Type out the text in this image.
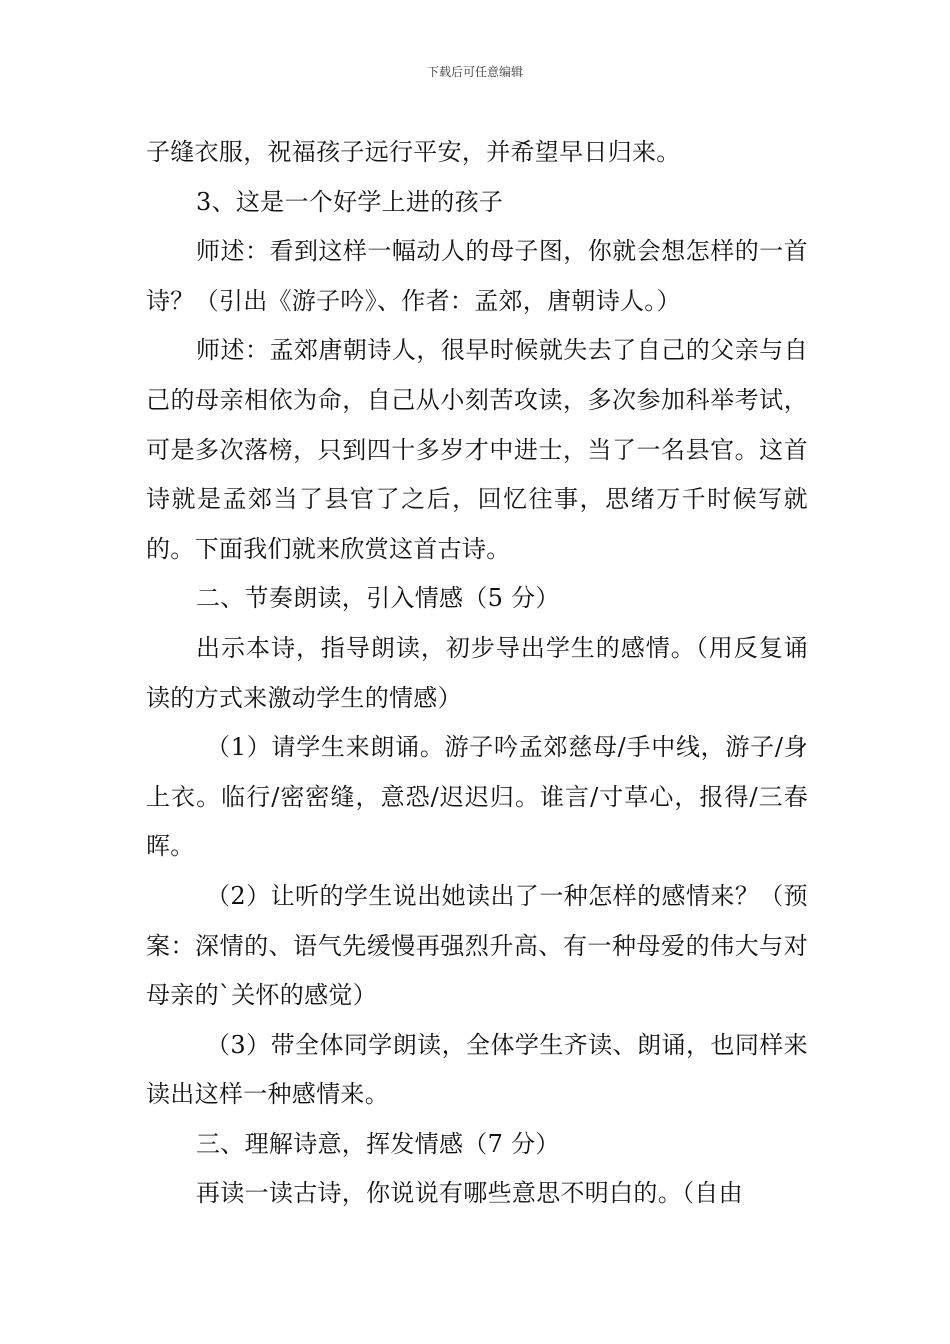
下载后可任意编辑

子缝衣服，祝福孩子远行平安，并希望早日归来。

3、这是一个好学上进的孩子

师述：看到这样一幅动人的母子图，你就会想怎样的一首诗？（引出《游子吟》、作者：孟郊，唐朝诗人。）

师述：孟郊唐朝诗人，很早时候就失去了自己的父亲与自己的母亲相依为命，自己从小刻苦攻读，多次参加科举考试，可是多次落榜，只到四十多岁才中进士，当了一名县官。这首诗就是孟郊当了县官了之后，回忆往事，思绪万千时候写就的。下面我们就来欣赏这首古诗。

二、节奏朗读，引入情感（5 分）

出示本诗，指导朗读，初步导出学生的感情。（用反复诵读的方式来激动学生的情感）

（1）请学生来朗诵。游子吟孟郊慈母/手中线，游子/身上衣。临行/密密缝，意恐/迟迟归。谁言/寸草心，报得/三春晖。

（2）让听的学生说出她读出了一种怎样的感情来？（预案：深情的、语气先缓慢再强烈升高、有一种母爱的伟大与对母亲的`关怀的感觉）

（3）带全体同学朗读，全体学生齐读、朗诵，也同样来读出这样一种感情来。

三、理解诗意，挥发情感（7 分）

再读一读古诗，你说说有哪些意思不明白的。（自由
